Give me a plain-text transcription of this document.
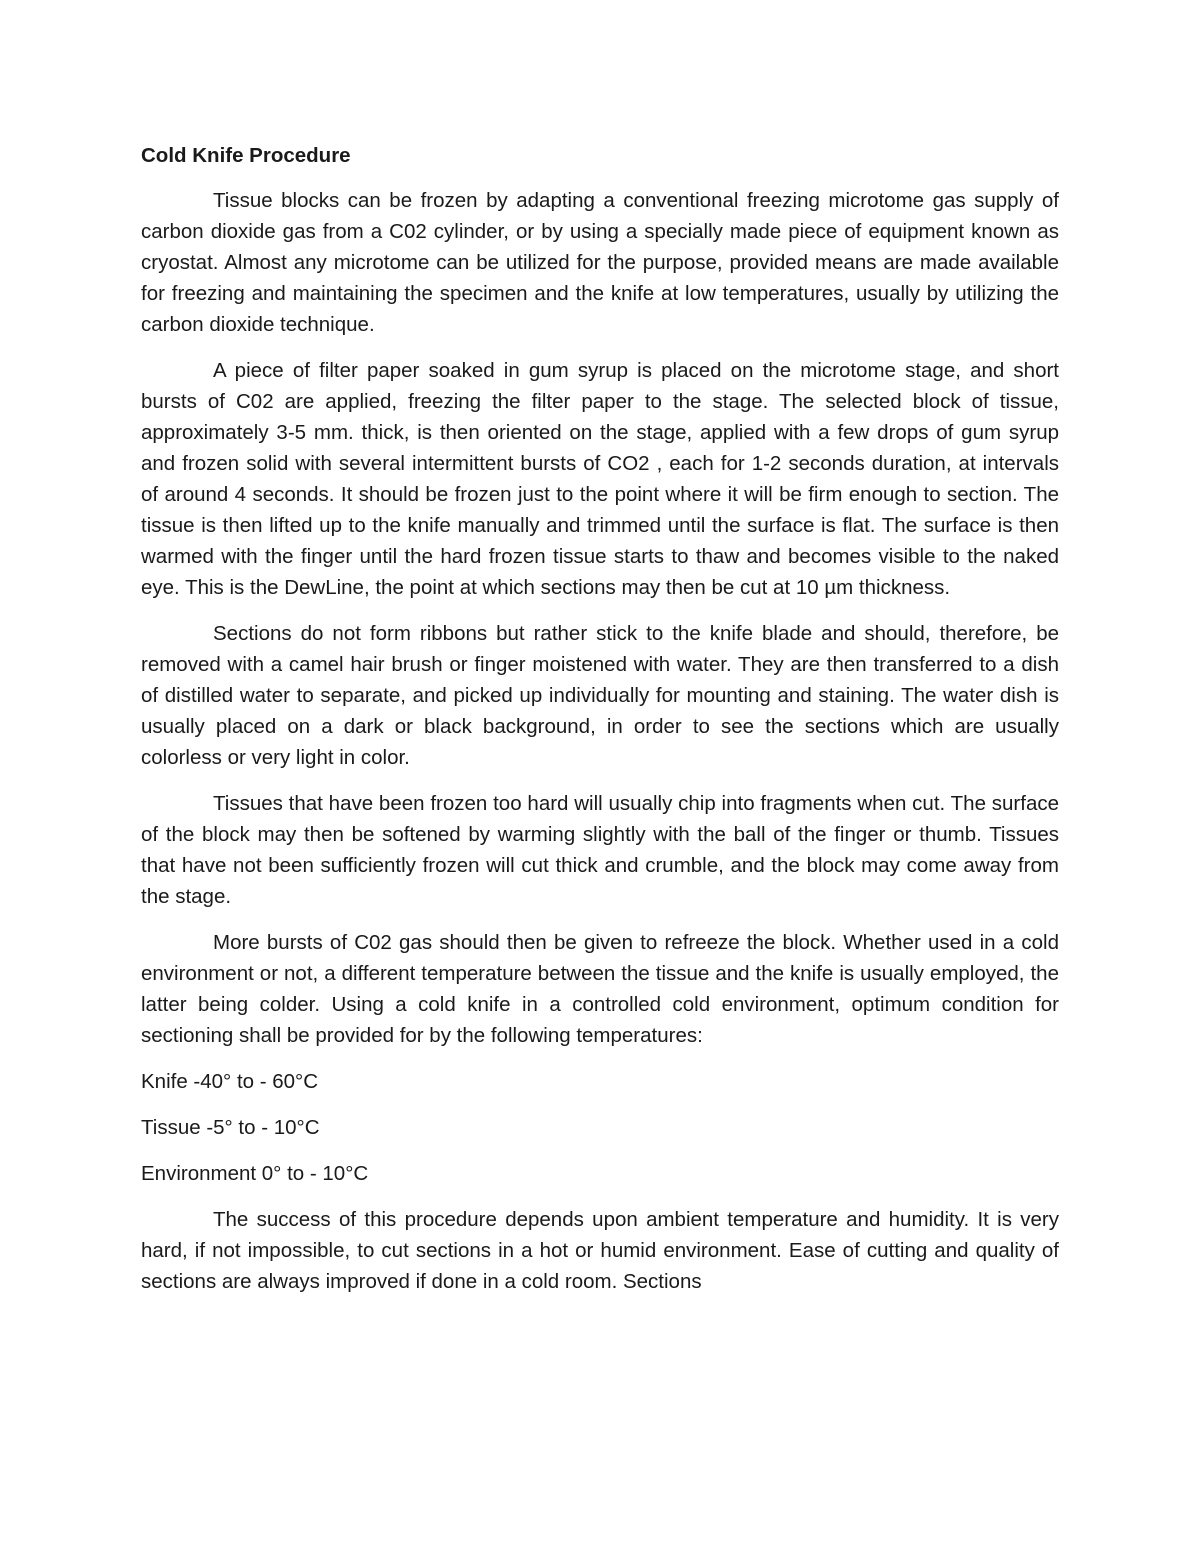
Cold Knife Procedure

Tissue blocks can be frozen by adapting a conventional freezing microtome gas supply of carbon dioxide gas from a C02 cylinder, or by using a specially made piece of equipment known as cryostat. Almost any microtome can be utilized for the purpose, provided means are made available for freezing and maintaining the specimen and the knife at low temperatures, usually by utilizing the carbon dioxide technique.

A piece of filter paper soaked in gum syrup is placed on the microtome stage, and short bursts of C02 are applied, freezing the filter paper to the stage. The selected block of tissue, approximately 3-5 mm. thick, is then oriented on the stage, applied with a few drops of gum syrup and frozen solid with several intermittent bursts of CO2 , each for 1-2 seconds duration, at intervals of around 4 seconds. It should be frozen just to the point where it will be firm enough to section. The tissue is then lifted up to the knife manually and trimmed until the surface is flat. The surface is then warmed with the finger until the hard frozen tissue starts to thaw and becomes visible to the naked eye. This is the DewLine, the point at which sections may then be cut at 10 µm thickness.

Sections do not form ribbons but rather stick to the knife blade and should, therefore, be removed with a camel hair brush or finger moistened with water. They are then transferred to a dish of distilled water to separate, and picked up individually for mounting and staining. The water dish is usually placed on a dark or black background, in order to see the sections which are usually colorless or very light in color.

Tissues that have been frozen too hard will usually chip into fragments when cut. The surface of the block may then be softened by warming slightly with the ball of the finger or thumb. Tissues that have not been sufficiently frozen will cut thick and crumble, and the block may come away from the stage.

More bursts of C02 gas should then be given to refreeze the block. Whether used in a cold environment or not, a different temperature between the tissue and the knife is usually employed, the latter being colder. Using a cold knife in a controlled cold environment, optimum condition for sectioning shall be provided for by the following temperatures:

Knife -40° to - 60°C

Tissue -5° to - 10°C

Environment 0° to - 10°C

The success of this procedure depends upon ambient temperature and humidity. It is very hard, if not impossible, to cut sections in a hot or humid environment. Ease of cutting and quality of sections are always improved if done in a cold room. Sections
